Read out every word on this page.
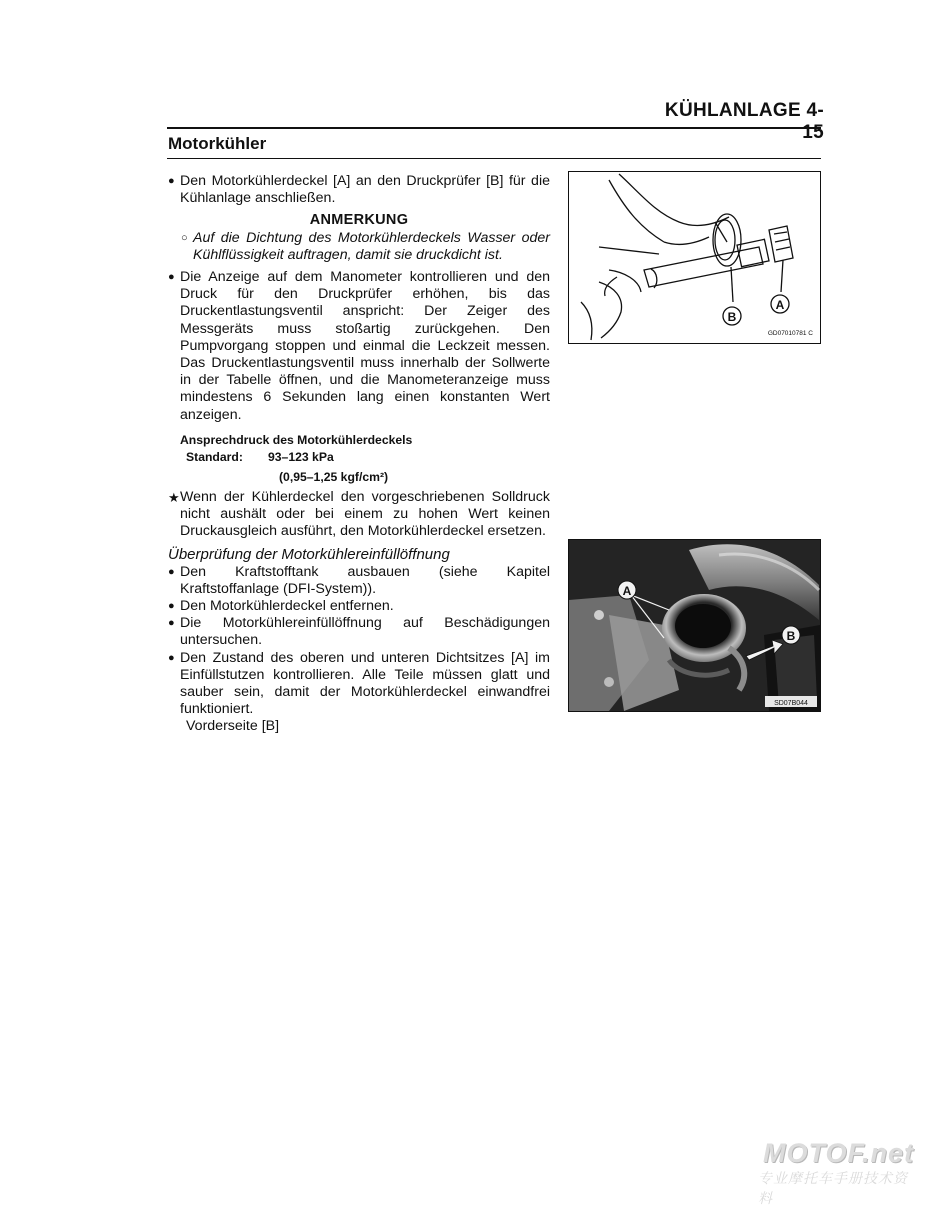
KÜHLANLAGE 4-15
Motorkühler
● Den Motorkühlerdeckel [A] an den Druckprüfer [B] für die Kühlanlage anschließen.
ANMERKUNG
○ Auf die Dichtung des Motorkühlerdeckels Wasser oder Kühlflüssigkeit auftragen, damit sie druckdicht ist.
● Die Anzeige auf dem Manometer kontrollieren und den Druck für den Druckprüfer erhöhen, bis das Druckentlastungsventil anspricht: Der Zeiger des Messgeräts muss stoßartig zurückgehen. Den Pumpvorgang stoppen und einmal die Leckzeit messen. Das Druckentlastungsventil muss innerhalb der Sollwerte in der Tabelle öffnen, und die Manometeranzeige muss mindestens 6 Sekunden lang einen konstanten Wert anzeigen.
Ansprechdruck des Motorkühlerdeckels
Standard: 93–123 kPa
(0,95–1,25 kgf/cm²)
★ Wenn der Kühlerdeckel den vorgeschriebenen Solldruck nicht aushält oder bei einem zu hohen Wert keinen Druckausgleich ausführt, den Motorkühlerdeckel ersetzen.
Überprüfung der Motorkühlereinfüllöffnung
● Den Kraftstofftank ausbauen (siehe Kapitel Kraftstoffanlage (DFI-System)).
● Den Motorkühlerdeckel entfernen.
● Die Motorkühlereinfüllöffnung auf Beschädigungen untersuchen.
● Den Zustand des oberen und unteren Dichtsitzes [A] im Einfüllstutzen kontrollieren. Alle Teile müssen glatt und sauber sein, damit der Motorkühlerdeckel einwandfrei funktioniert.
Vorderseite [B]
B
A
GD07010781 C
A
B
SD07B044
MOTOF.net
专业摩托车手册技术资料
